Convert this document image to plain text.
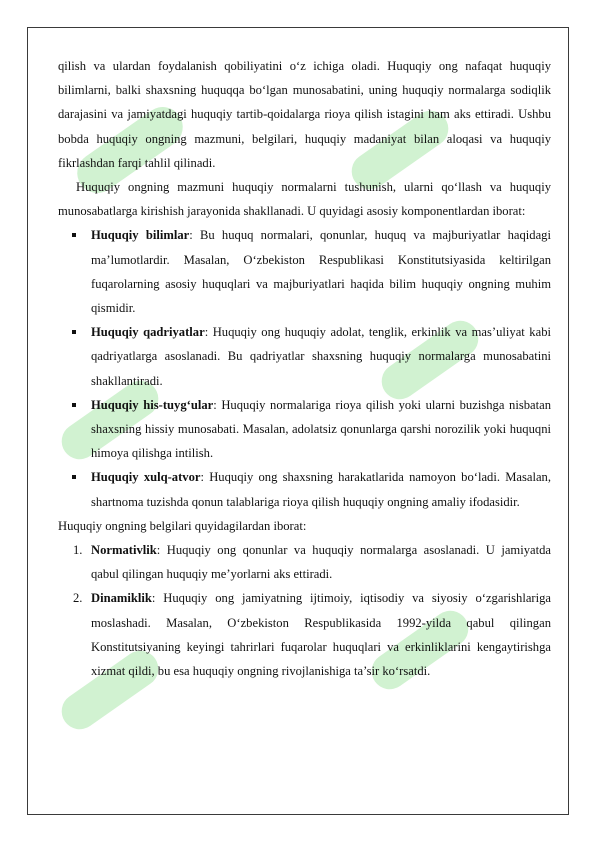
qilish va ulardan foydalanish qobiliyatini o‘z ichiga oladi. Huquqiy ong nafaqat huquqiy bilimlarni, balki shaxsning huquqqa bo‘lgan munosabatini, uning huquqiy normalarga sodiqlik darajasini va jamiyatdagi huquqiy tartib-qoidalarga rioya qilish istagini ham aks ettiradi. Ushbu bobda huquqiy ongning mazmuni, belgilari, huquqiy madaniyat bilan aloqasi va huquqiy fikrlashdan farqi tahlil qilinadi.

Huquqiy ongning mazmuni huquqiy normalarni tushunish, ularni qo‘llash va huquqiy munosabatlarga kirishish jarayonida shakllanadi. U quyidagi asosiy komponentlardan iborat:

Huquqiy bilimlar: Bu huquq normalari, qonunlar, huquq va majburiyatlar haqidagi ma’lumotlardir. Masalan, O‘zbekiston Respublikasi Konstitutsiyasida keltirilgan fuqarolarning asosiy huquqlari va majburiyatlari haqida bilim huquqiy ongning muhim qismidir.
Huquqiy qadriyatlar: Huquqiy ong huquqiy adolat, tenglik, erkinlik va mas’uliyat kabi qadriyatlarga asoslanadi. Bu qadriyatlar shaxsning huquqiy normalarga munosabatini shakllantiradi.
Huquqiy his-tuyg‘ular: Huquqiy normalariga rioya qilish yoki ularni buzishga nisbatan shaxsning hissiy munosabati. Masalan, adolatsiz qonunlarga qarshi norozilik yoki huquqni himoya qilishga intilish.
Huquqiy xulq-atvor: Huquqiy ong shaxsning harakatlarida namoyon bo‘ladi. Masalan, shartnoma tuzishda qonun talablariga rioya qilish huquqiy ongning amaliy ifodasidir.

Huquqiy ongning belgilari quyidagilardan iborat:

1. Normativlik: Huquqiy ong qonunlar va huquqiy normalarga asoslanadi. U jamiyatda qabul qilingan huquqiy me’yorlarni aks ettiradi.
2. Dinamiklik: Huquqiy ong jamiyatning ijtimoiy, iqtisodiy va siyosiy o‘zgarishlariga moslashadi. Masalan, O‘zbekiston Respublikasida 1992-yilda qabul qilingan Konstitutsiyaning keyingi tahrirlari fuqarolar huquqlari va erkinliklarini kengaytirishga xizmat qildi, bu esa huquqiy ongning rivojlanishiga ta’sir ko‘rsatdi.
